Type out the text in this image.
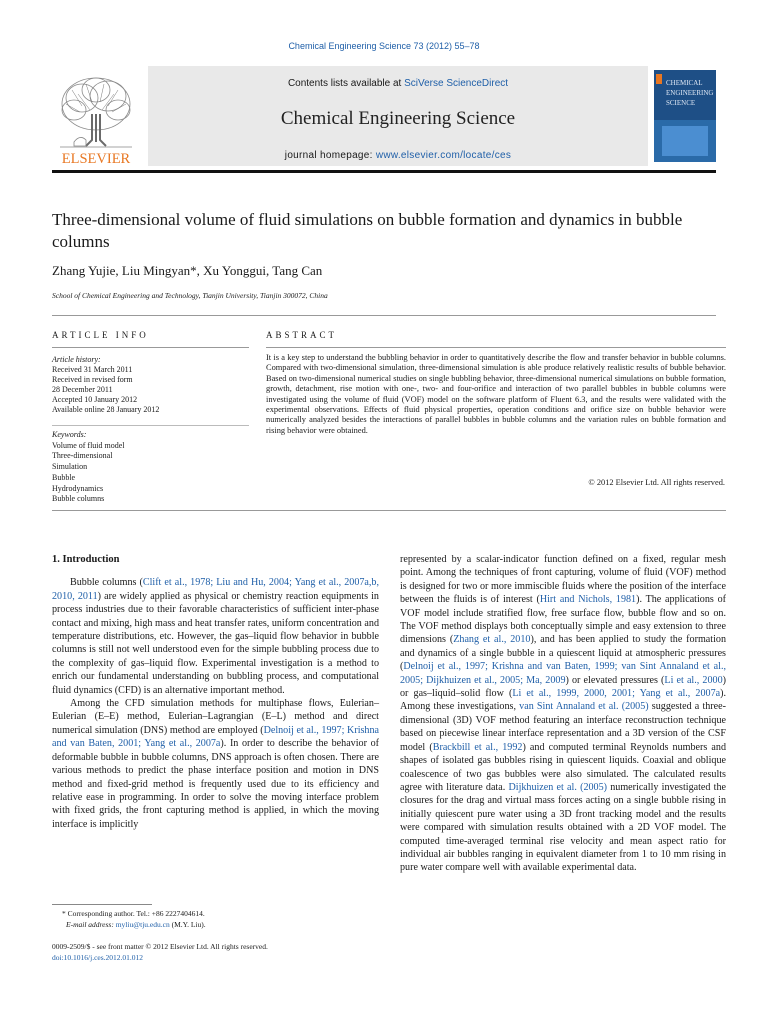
Chemical Engineering Science 73 (2012) 55–78
ELSEVIER
Contents lists available at SciVerse ScienceDirect
Chemical Engineering Science
journal homepage: www.elsevier.com/locate/ces
CHEMICAL ENGINEERING SCIENCE
Three-dimensional volume of fluid simulations on bubble formation and dynamics in bubble columns
Zhang Yujie, Liu Mingyan*, Xu Yonggui, Tang Can
School of Chemical Engineering and Technology, Tianjin University, Tianjin 300072, China
ARTICLE INFO	ABSTRACT
Article history:
Received 31 March 2011
Received in revised form
28 December 2011
Accepted 10 January 2012
Available online 28 January 2012
Keywords:
Volume of fluid model
Three-dimensional
Simulation
Bubble
Hydrodynamics
Bubble columns
It is a key step to understand the bubbling behavior in order to quantitatively describe the flow and transfer behavior in bubble columns. Compared with two-dimensional simulation, three-dimensional simulation is able produce relatively realistic results of bubble behavior. Based on two-dimensional numerical studies on single bubbling behavior, three-dimensional numerical simulations on bubble formation, growth, detachment, rise motion with one-, two- and four-orifice and interaction of two parallel bubbles in bubble columns were investigated using the volume of fluid (VOF) model on the software platform of Fluent 6.3, and the results were validated with the experimental observations. Effects of fluid physical properties, operation conditions and orifice size on bubble behavior were numerically analyzed besides the interactions of parallel bubbles in bubble columns and the variation rules on bubble formation and rising behavior were obtained.
© 2012 Elsevier Ltd. All rights reserved.
1. Introduction

Bubble columns (Clift et al., 1978; Liu and Hu, 2004; Yang et al., 2007a,b, 2010, 2011) are widely applied as physical or chemistry reaction equipments in process industries due to their favorable characteristics of sufficient inter-phase contact and mixing, high mass and heat transfer rates, uniform concentration and temperature distributions, etc. However, the gas–liquid flow behavior in bubble columns is still not well understood even for the simple bubbling process due to the complexity of gas–liquid flow. Experimental investigation is a method to enrich our fundamental understanding on bubbling process, and computational fluid dynamics (CFD) is an alternative important method.

Among the CFD simulation methods for multiphase flows, Eulerian–Eulerian (E–E) method, Eulerian–Lagrangian (E–L) method and direct numerical simulation (DNS) method are employed (Delnoij et al., 1997; Krishna and van Baten, 2001; Yang et al., 2007a). In order to describe the behavior of deformable bubble in bubble columns, DNS approach is often chosen. There are various methods to predict the phase interface position and motion in DNS method and fixed-grid method is frequently used due to its efficiency and relative ease in programming. In order to solve the moving interface problem with fixed grids, the front capturing method is applied, in which the moving interface is implicitly

represented by a scalar-indicator function defined on a fixed, regular mesh point. Among the techniques of front capturing, volume of fluid (VOF) method is designed for two or more immiscible fluids where the position of the interface between the fluids is of interest (Hirt and Nichols, 1981). The applications of VOF model include stratified flow, free surface flow, bubble flow and so on. The VOF method displays both conceptually simple and easy extension to three dimensions (Zhang et al., 2010), and has been applied to study the formation and dynamics of a single bubble in a quiescent liquid at atmospheric pressures (Delnoij et al., 1997; Krishna and van Baten, 1999; van Sint Annaland et al., 2005; Dijkhuizen et al., 2005; Ma, 2009) or elevated pressures (Li et al., 2000) or gas–liquid–solid flow (Li et al., 1999, 2000, 2001; Yang et al., 2007a). Among these investigations, van Sint Annaland et al. (2005) suggested a three-dimensional (3D) VOF method featuring an interface reconstruction technique based on piecewise linear interface representation and a 3D version of the CSF model (Brackbill et al., 1992) and computed terminal Reynolds numbers and shapes of isolated gas bubbles rising in quiescent liquids. Coaxial and oblique coalescence of two gas bubbles were also simulated. The calculated results agree with literature data. Dijkhuizen et al. (2005) numerically investigated the closures for the drag and virtual mass forces acting on a single bubble rising in initially quiescent pure water using a 3D front tracking model and the results were compared with simulation results obtained with a 2D VOF model. The computed time-averaged terminal rise velocity and mean aspect ratio for individual air bubbles ranging in equivalent diameter from 1 to 10 mm rising in pure water compare well with available experimental data.

* Corresponding author. Tel.: +86 2227404614.
E-mail address: myliu@tju.edu.cn (M.Y. Liu).
0009-2509/$ - see front matter © 2012 Elsevier Ltd. All rights reserved.
doi:10.1016/j.ces.2012.01.012
